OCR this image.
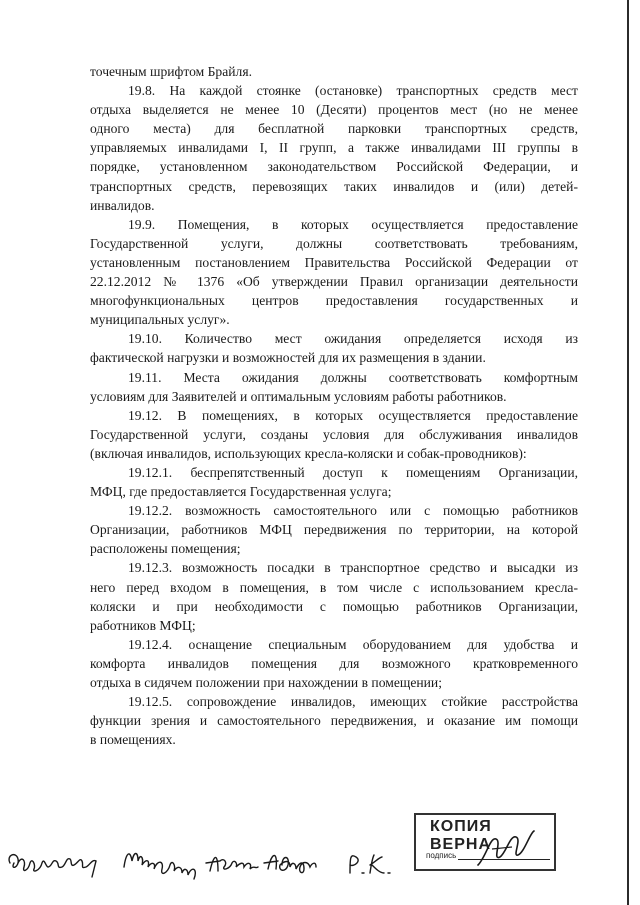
точечным шрифтом Брайля.
19.8. На каждой стоянке (остановке) транспортных средств мест
отдыха выделяется не менее 10 (Десяти) процентов мест (но не менее
одного места) для бесплатной парковки транспортных средств,
управляемых инвалидами I, II групп, а также инвалидами III группы в
порядке, установленном законодательством Российской Федерации, и
транспортных средств, перевозящих таких инвалидов и (или) детей-
инвалидов.
19.9. Помещения, в которых осуществляется предоставление
Государственной услуги, должны соответствовать требованиям,
установленным постановлением Правительства Российской Федерации от
22.12.2012 № 1376 «Об утверждении Правил организации деятельности
многофункциональных центров предоставления государственных и
муниципальных услуг».
19.10. Количество мест ожидания определяется исходя из
фактической нагрузки и возможностей для их размещения в здании.
19.11. Места ожидания должны соответствовать комфортным
условиям для Заявителей и оптимальным условиям работы работников.
19.12. В помещениях, в которых осуществляется предоставление
Государственной услуги, созданы условия для обслуживания инвалидов
(включая инвалидов, использующих кресла-коляски и собак-проводников):
19.12.1. беспрепятственный доступ к помещениям Организации,
МФЦ, где предоставляется Государственная услуга;
19.12.2. возможность самостоятельного или с помощью работников
Организации, работников МФЦ передвижения по территории, на которой
расположены помещения;
19.12.3. возможность посадки в транспортное средство и высадки из
него перед входом в помещения, в том числе с использованием кресла-
коляски и при необходимости с помощью работников Организации,
работников МФЦ;
19.12.4. оснащение специальным оборудованием для удобства и
комфорта инвалидов помещения для возможного кратковременного
отдыха в сидячем положении при нахождении в помещении;
19.12.5. сопровождение инвалидов, имеющих стойкие расстройства
функции зрения и самостоятельного передвижения, и оказание им помощи
в помещениях.
КОПИЯ ВЕРНА
подпись
